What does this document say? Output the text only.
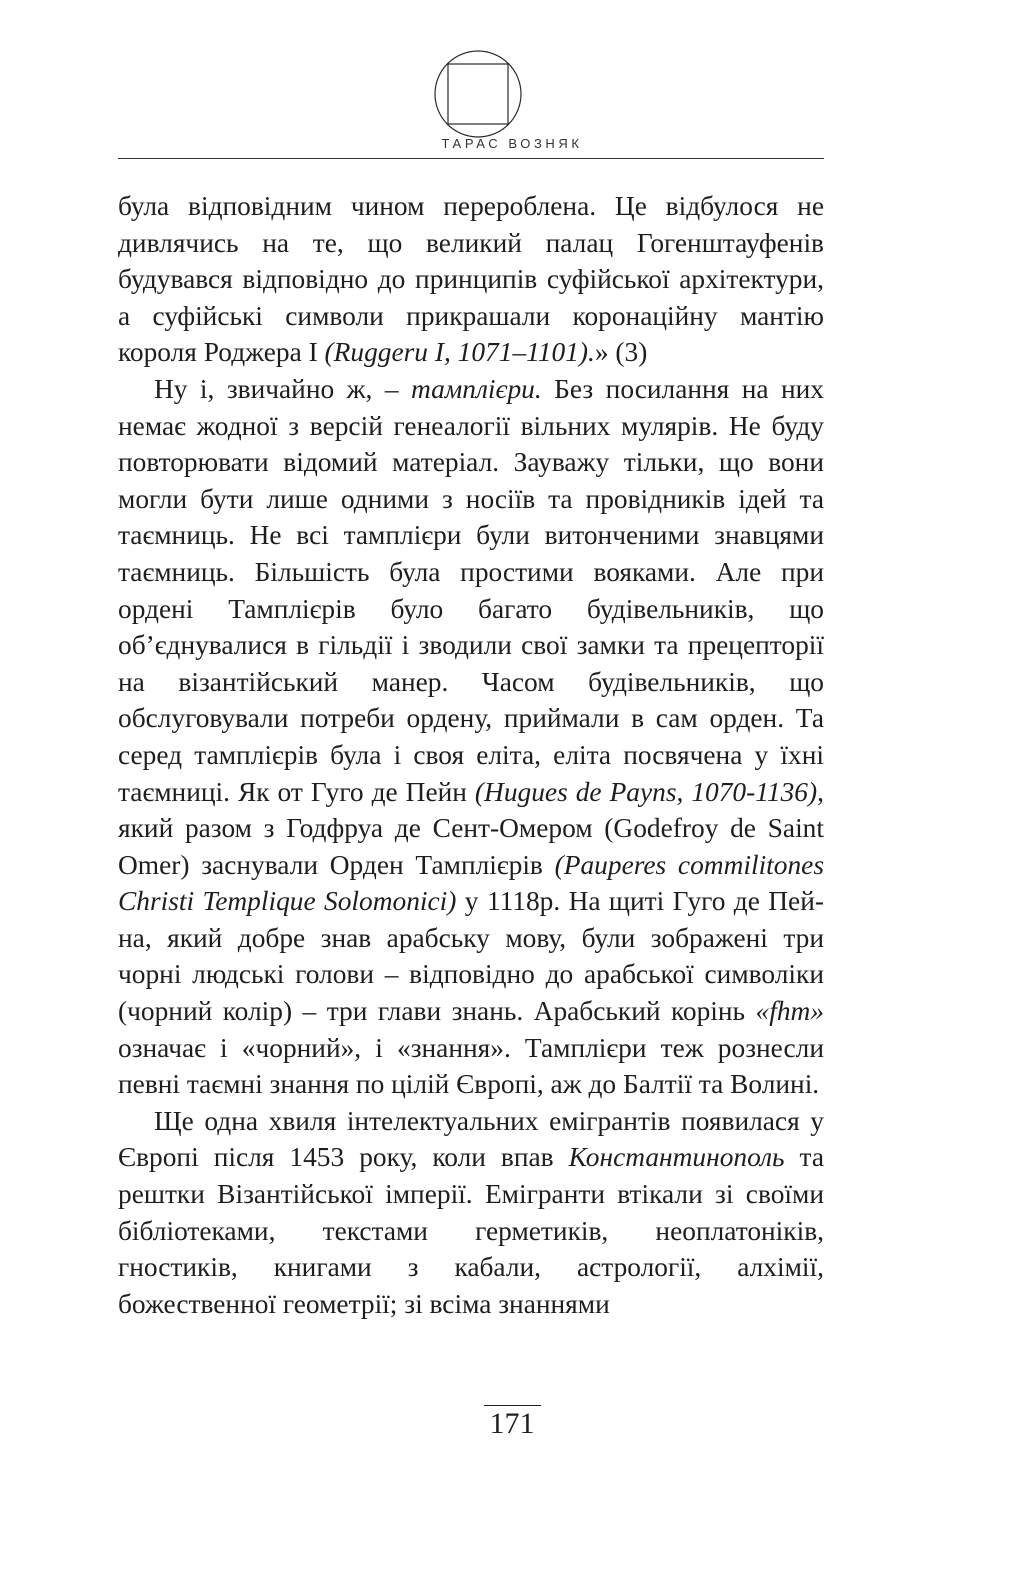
ТАРАС ВОЗНЯК

була відповідним чином перероблена. Це відбулося не дивлячись на те, що великий палац Гогенштауфенів будувався відповідно до принципів суфійської архітектури, а суфійські символи прикрашали коронаційну мантію короля Роджера I (Ruggeru I, 1071–1101).» (3)

Ну і, звичайно ж, – тамплієри. Без посилання на них немає жодної з версій генеалогії вільних мулярів. Не буду повторювати відомий матеріал. Зауважу тільки, що вони могли бути лише одними з носіїв та провідників ідей та таємниць. Не всі тамплієри були витонченими знавцями таємниць. Більшість була простими вояками. Але при ордені Тамплієрів було багато будівельників, що об’єднувалися в гільдії і зводили свої замки та прецепторії на візантійський манер. Часом будівельників, що обслуговували потреби ордену, приймали в сам орден. Та серед тамплієрів була і своя еліта, еліта посвячена у їхні таємниці. Як от Гуго де Пейн (Hugues de Payns, 1070-1136), який разом з Годфруа де Сент-Омером (Godefroy de Saint Omer) заснували Орден Тамплієрів (Pauperes commilitones Christi Templique Solomonici) у 1118р. На щиті Гуго де Пейна, який добре знав арабську мову, були зображені три чорні людські голови – відповідно до арабської символіки (чорний колір) – три глави знань. Арабський корінь «fhm» означає і «чорний», і «знання». Тамплієри теж рознесли певні таємні знання по цілій Європі, аж до Балтії та Волині.

Ще одна хвиля інтелектуальних емігрантів появилася у Європі після 1453 року, коли впав Константинополь та рештки Візантійської імперії. Емігранти втікали зі своїми бібліотеками, текстами герметиків, неоплатоніків, гностиків, книгами з кабали, астрології, алхімії, божественної геометрії; зі всіма знаннями

171
